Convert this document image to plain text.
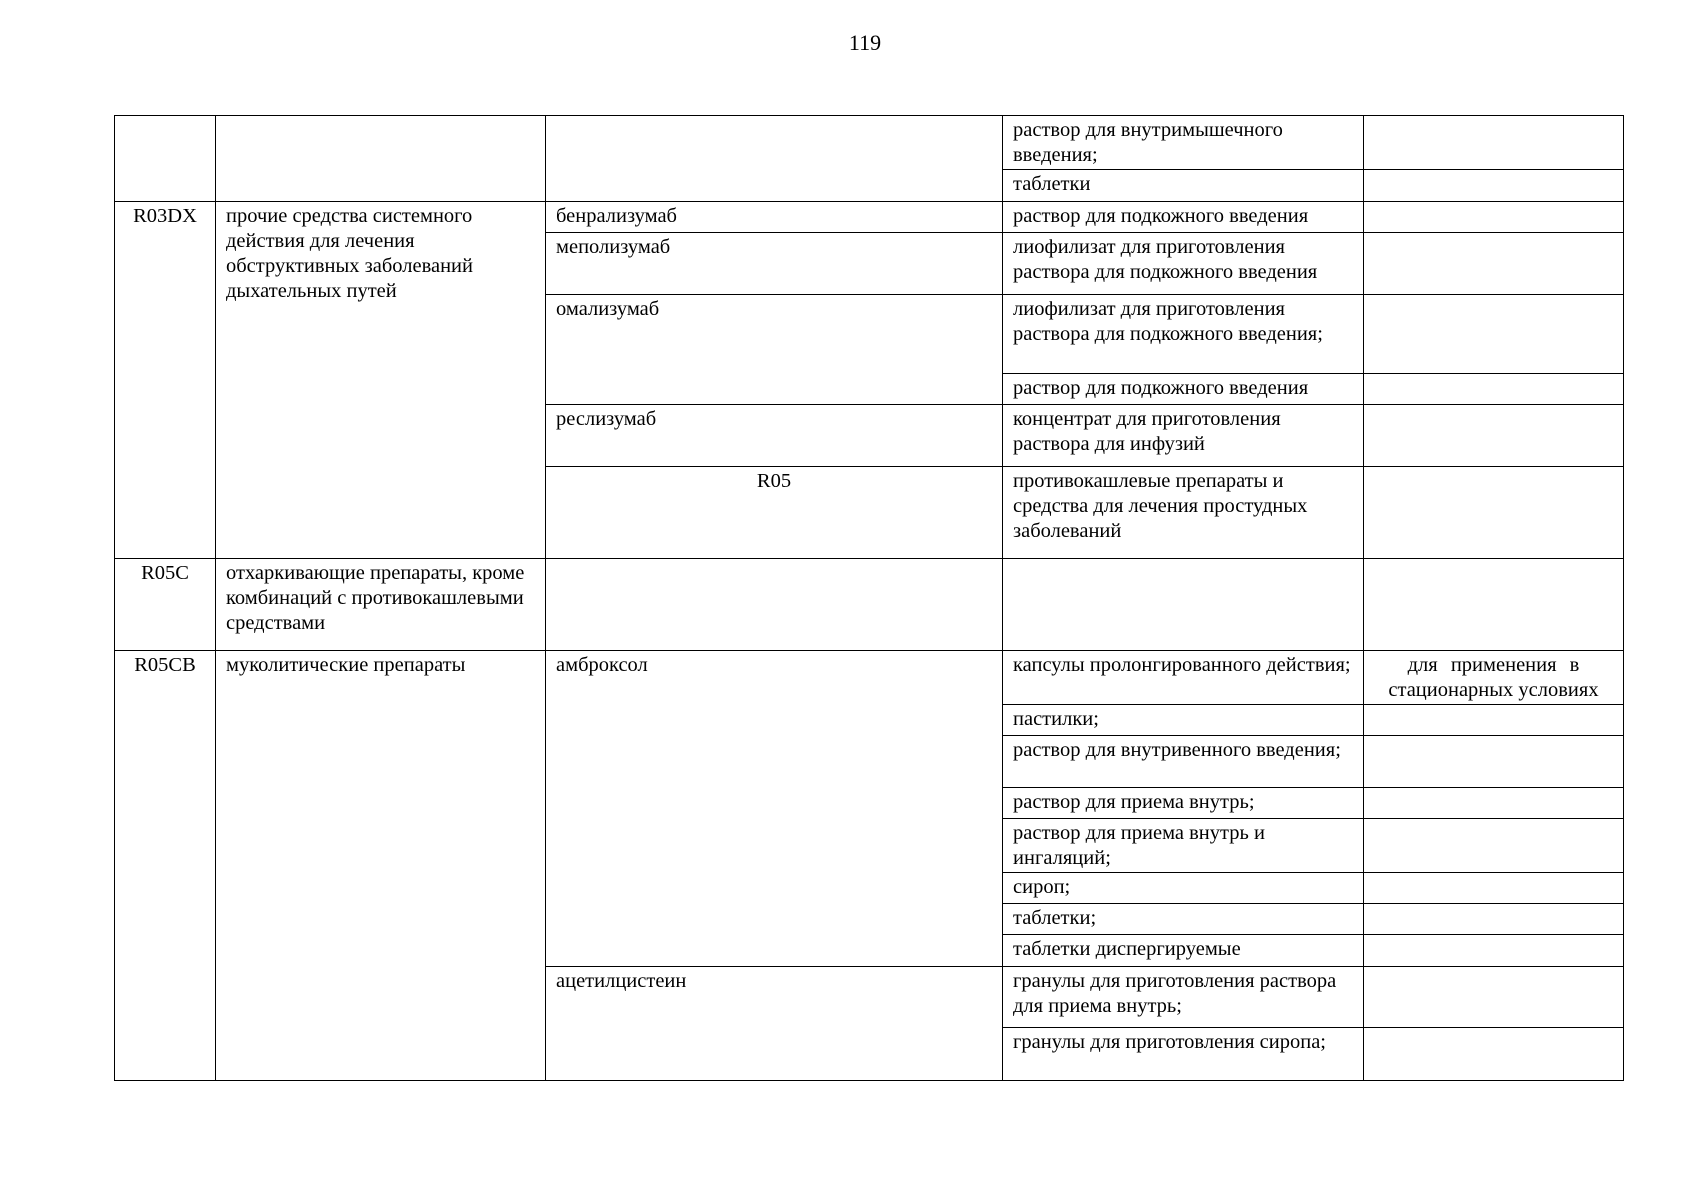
119
			раствор для внутримышечного введения;		
			таблетки		
R03DX	прочие средства системного действия для лечения обструктивных заболеваний дыхательных путей	бенрализумаб	раствор для подкожного введения		
		меполизумаб	лиофилизат для приготовления раствора для подкожного введения		
		омализумаб	лиофилизат для приготовления раствора для подкожного введения;		
			раствор для подкожного введения		
		реслизумаб	концентрат для приготовления раствора для инфузий		
		R05	противокашлевые препараты и средства для лечения простудных заболеваний			
R05C	отхаркивающие препараты, кроме комбинаций с противокашлевыми средствами				
R05CB	муколитические препараты	амброксол	капсулы пролонгированного действия;	для применения в
стационарных условиях	

			пастилки;		
			раствор для внутривенного введения;		
			раствор для приема внутрь;		
			раствор для приема внутрь и ингаляций;		
			сироп;		
			таблетки;		
			таблетки диспергируемые		
		ацетилцистеин	гранулы для приготовления раствора для приема внутрь;		
			гранулы для приготовления сиропа;		
